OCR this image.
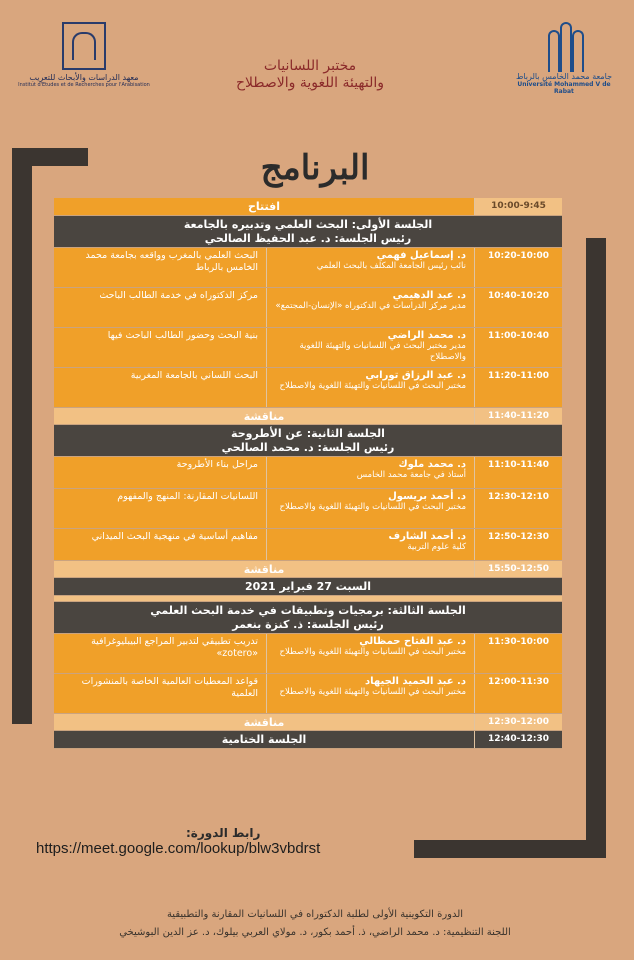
معهد الدراسات والأبحاث للتعريب
Institut d'Etudes et de Recherches pour l'Arabisation
مختبر اللسانيات
والتهيئة اللغوية والاصطلاح	جامعة محمد الخامس بالرباط
Université Mohammed V de Rabat
البرنامج
10:00-9:45
افتتاح
الجلسة الأولى: البحث العلمي وتدبيره بالجامعة
رئيس الجلسة: د. عبد الحفيظ الصالحي
10:20-10:00
د. إسماعيل فهمي
نائب رئيس الجامعة المكلف بالبحث العلمي
البحث العلمي بالمغرب وواقعه بجامعة محمد الخامس بالرباط
10:40-10:20
د. عبد الدهيمي
مدير مركز الدراسات في الدكتوراه «الإنسان-المجتمع»
مركز الدكتوراه في خدمة الطالب الباحث
11:00-10:40
د. محمد الراضي
مدير مختبر البحث في اللسانيات والتهيئة اللغوية والاصطلاح
بنية البحث وحضور الطالب الباحث فيها
11:20-11:00
د. عبد الرزاق تورابي
مختبر البحث في اللسانيات والتهيئة اللغوية والاصطلاح
البحث اللساني بالجامعة المغربية
11:40-11:20
مناقشة
الجلسة الثانية: عن الأطروحة
رئيس الجلسة: د. محمد الصالحي
11:10-11:40
د. محمد ملوك
أستاذ في جامعة محمد الخامس
مراحل بناء الأطروحة
12:30-12:10
د. أحمد بريسول
مختبر البحث في اللسانيات والتهيئة اللغوية والاصطلاح
اللسانيات المقارنة: المنهج والمفهوم
12:50-12:30
د. أحمد الشارف
كلية علوم التربية
مفاهيم أساسية في منهجية البحث الميداني
15:50-12:50
مناقشة
السبت 27 فبراير 2021
الجلسة الثالثة: برمجيات وتطبيقات في خدمة البحث العلمي
رئيس الجلسة: ذ. كنزة بنعمر
11:30-10:00
د. عبد الفتاح حمظالي
مختبر البحث في اللسانيات والتهيئة اللغوية والاصطلاح
تدريب تطبيقي لتدبير المراجع البيبليوغرافية «zotero»
12:00-11:30
د. عبد الحميد الجيهاد
مختبر البحث في اللسانيات والتهيئة اللغوية والاصطلاح
قواعد المعطيات العالمية الخاصة بالمنشورات العلمية
12:30-12:00
مناقشة
12:40-12:30
الجلسة الختامية
رابط الدورة:
https://meet.google.com/lookup/blw3vbdrst
الدورة التكوينية الأولى لطلبة الدكتوراه في اللسانيات المقارنة والتطبيقية
اللجنة التنظيمية: د. محمد الراضي، ذ. أحمد بكور، د. مولاي العربي بيلوك، د. عز الدين البوشيخي
